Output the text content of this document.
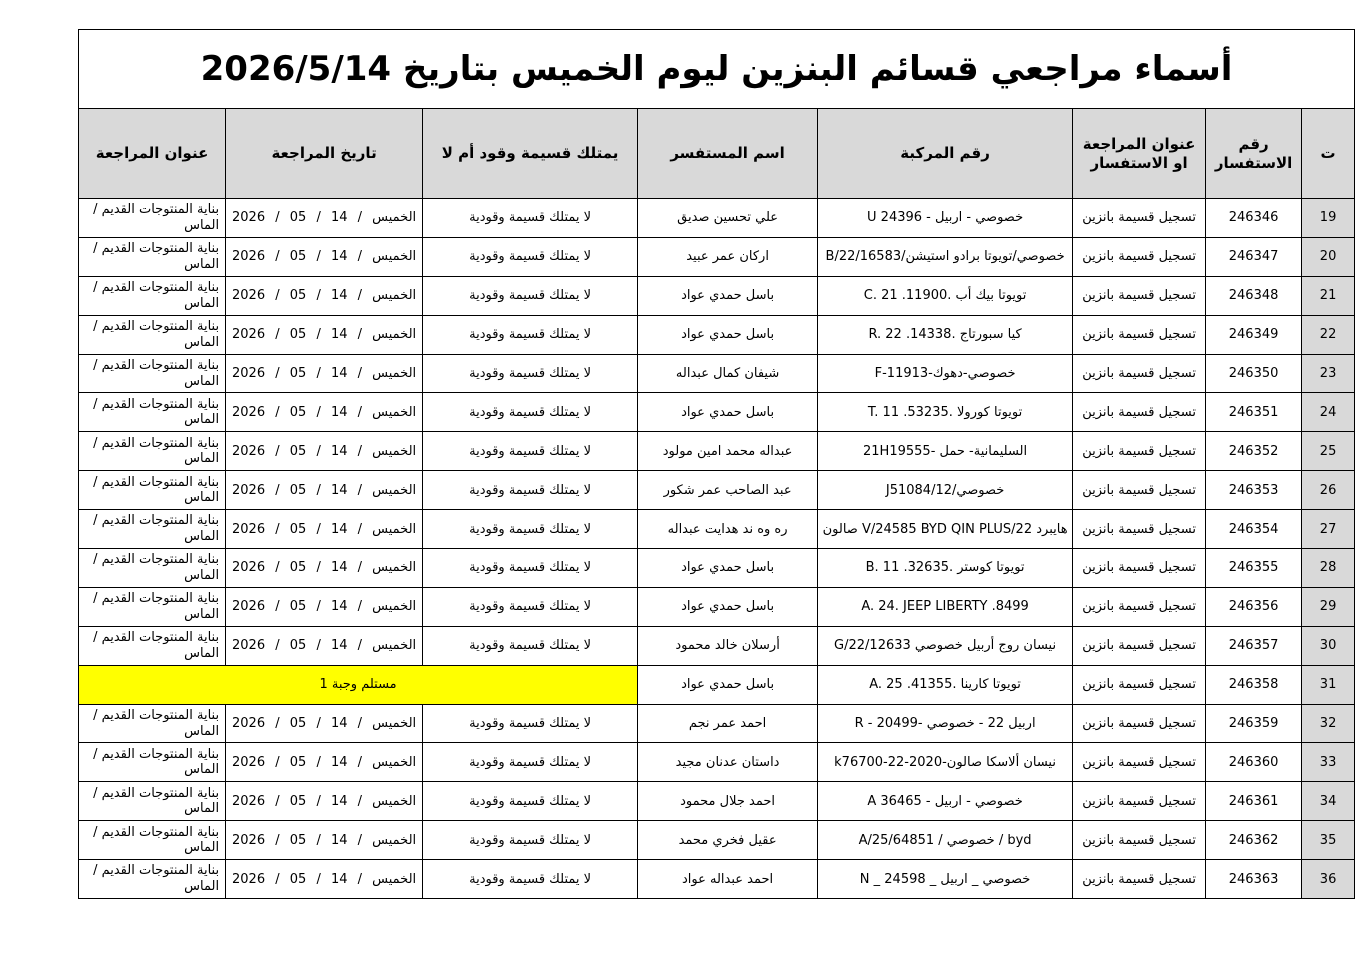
أسماء مراجعي قسائم البنزين ليوم الخميس بتاريخ 2026/5/14							
ت	رقم الاستفسار	عنوان المراجعة او الاستفسار	رقم المركبة	اسم المستفسر	يمتلك قسيمة وقود أم لا	تاريخ المراجعة	عنوان المراجعة
19	246346	تسجيل قسيمة بانزين	خصوصي - اربيل - 24396 U	علي تحسين صديق	لا يمتلك قسيمة وقودية	الخميس / 14 / 05 / 2026	بناية المنتوجات القديم / الماس
20	246347	تسجيل قسيمة بانزين	خصوصي/تويوتا برادو استيشن/16583/B/22	اركان عمر عبيد	لا يمتلك قسيمة وقودية	الخميس / 14 / 05 / 2026	بناية المنتوجات القديم / الماس
21	246348	تسجيل قسيمة بانزين	تويوتا بيك أب .11900. C. 21	باسل حمدي عواد	لا يمتلك قسيمة وقودية	الخميس / 14 / 05 / 2026	بناية المنتوجات القديم / الماس
22	246349	تسجيل قسيمة بانزين	كيا سبورتاج .14338. R. 22	باسل حمدي عواد	لا يمتلك قسيمة وقودية	الخميس / 14 / 05 / 2026	بناية المنتوجات القديم / الماس
23	246350	تسجيل قسيمة بانزين	خصوصي-دهوك-F-11913	شيفان كمال عبداله	لا يمتلك قسيمة وقودية	الخميس / 14 / 05 / 2026	بناية المنتوجات القديم / الماس
24	246351	تسجيل قسيمة بانزين	تويوتا كورولا .53235. T. 11	باسل حمدي عواد	لا يمتلك قسيمة وقودية	الخميس / 14 / 05 / 2026	بناية المنتوجات القديم / الماس
25	246352	تسجيل قسيمة بانزين	السليمانية- حمل -21H19555	عبداله محمد امين مولود	لا يمتلك قسيمة وقودية	الخميس / 14 / 05 / 2026	بناية المنتوجات القديم / الماس
26	246353	تسجيل قسيمة بانزين	خصوصي/J51084/12	عبد الصاحب عمر شكور	لا يمتلك قسيمة وقودية	الخميس / 14 / 05 / 2026	بناية المنتوجات القديم / الماس
27	246354	تسجيل قسيمة بانزين	هايبرد 22/V/24585 BYD QIN PLUS صالون	ره وه ند هدايت عبداله	لا يمتلك قسيمة وقودية	الخميس / 14 / 05 / 2026	بناية المنتوجات القديم / الماس
28	246355	تسجيل قسيمة بانزين	تويوتا كوستر .32635. B. 11	باسل حمدي عواد	لا يمتلك قسيمة وقودية	الخميس / 14 / 05 / 2026	بناية المنتوجات القديم / الماس
29	246356	تسجيل قسيمة بانزين	8499. A. 24. JEEP LIBERTY	باسل حمدي عواد	لا يمتلك قسيمة وقودية	الخميس / 14 / 05 / 2026	بناية المنتوجات القديم / الماس
30	246357	تسجيل قسيمة بانزين	نيسان روج أربيل خصوصي G/22/12633	أرسلان خالد محمود	لا يمتلك قسيمة وقودية	الخميس / 14 / 05 / 2026	بناية المنتوجات القديم / الماس
31	246358	تسجيل قسيمة بانزين	تويوتا كارينا .41355. A. 25	باسل حمدي عواد	مستلم وجبة 1		
32	246359	تسجيل قسيمة بانزين	اربيل 22 - خصوصي -R - 20499	احمد عمر نجم	لا يمتلك قسيمة وقودية	الخميس / 14 / 05 / 2026	بناية المنتوجات القديم / الماس
33	246360	تسجيل قسيمة بانزين	نيسان ألاسكا صالون-2020-22-k76700	داستان عدنان مجيد	لا يمتلك قسيمة وقودية	الخميس / 14 / 05 / 2026	بناية المنتوجات القديم / الماس
34	246361	تسجيل قسيمة بانزين	خصوصي - اربيل - 36465 A	احمد جلال محمود	لا يمتلك قسيمة وقودية	الخميس / 14 / 05 / 2026	بناية المنتوجات القديم / الماس
35	246362	تسجيل قسيمة بانزين	byd / خصوصي / 64851/A/25	عقيل فخري محمد	لا يمتلك قسيمة وقودية	الخميس / 14 / 05 / 2026	بناية المنتوجات القديم / الماس
36	246363	تسجيل قسيمة بانزين	خصوصي _ اربيل _ 24598 _ N	احمد عبداله عواد	لا يمتلك قسيمة وقودية	الخميس / 14 / 05 / 2026	بناية المنتوجات القديم / الماس
